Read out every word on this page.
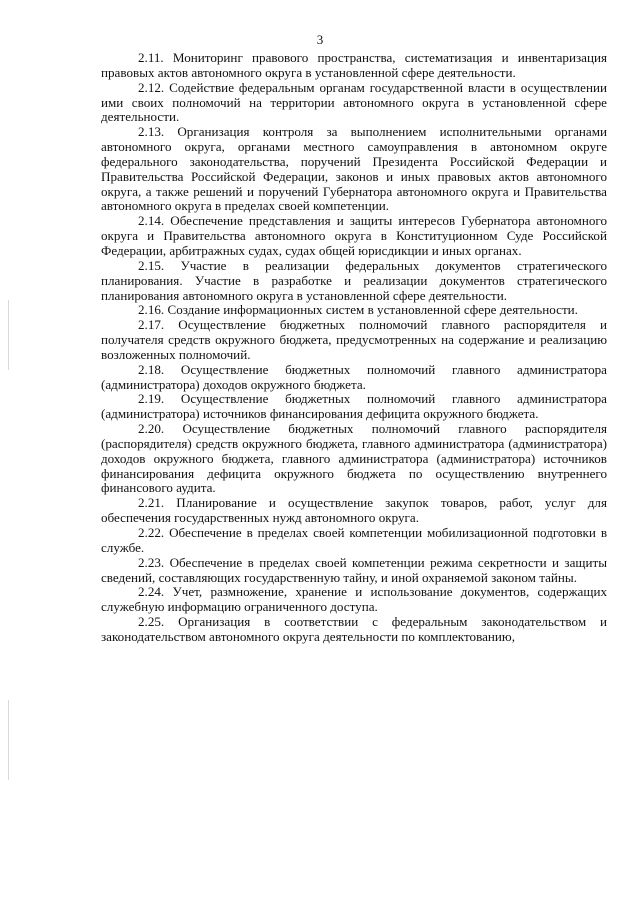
3

2.11. Мониторинг правового пространства, систематизация и инвентаризация правовых актов автономного округа в установленной сфере деятельности.

2.12. Содействие федеральным органам государственной власти в осуществлении ими своих полномочий на территории автономного округа в установленной сфере деятельности.

2.13. Организация контроля за выполнением исполнительными органами автономного округа, органами местного самоуправления в автономном округе федерального законодательства, поручений Президента Российской Федерации и Правительства Российской Федерации, законов и иных правовых актов автономного округа, а также решений и поручений Губернатора автономного округа и Правительства автономного округа в пределах своей компетенции.

2.14. Обеспечение представления и защиты интересов Губернатора автономного округа и Правительства автономного округа в Конституционном Суде Российской Федерации, арбитражных судах, судах общей юрисдикции и иных органах.

2.15. Участие в реализации федеральных документов стратегического планирования. Участие в разработке и реализации документов стратегического планирования автономного округа в установленной сфере деятельности.

2.16. Создание информационных систем в установленной сфере деятельности.

2.17. Осуществление бюджетных полномочий главного распорядителя и получателя средств окружного бюджета, предусмотренных на содержание и реализацию возложенных полномочий.

2.18. Осуществление бюджетных полномочий главного администратора (администратора) доходов окружного бюджета.

2.19. Осуществление бюджетных полномочий главного администратора (администратора) источников финансирования дефицита окружного бюджета.

2.20. Осуществление бюджетных полномочий главного распорядителя (распорядителя) средств окружного бюджета, главного администратора (администратора) доходов окружного бюджета, главного администратора (администратора) источников финансирования дефицита окружного бюджета по осуществлению внутреннего финансового аудита.

2.21. Планирование и осуществление закупок товаров, работ, услуг для обеспечения государственных нужд автономного округа.

2.22. Обеспечение в пределах своей компетенции мобилизационной подготовки в службе.

2.23. Обеспечение в пределах своей компетенции режима секретности и защиты сведений, составляющих государственную тайну, и иной охраняемой законом тайны.

2.24. Учет, размножение, хранение и использование документов, содержащих служебную информацию ограниченного доступа.

2.25. Организация в соответствии с федеральным законодательством и законодательством автономного округа деятельности по комплектованию,
